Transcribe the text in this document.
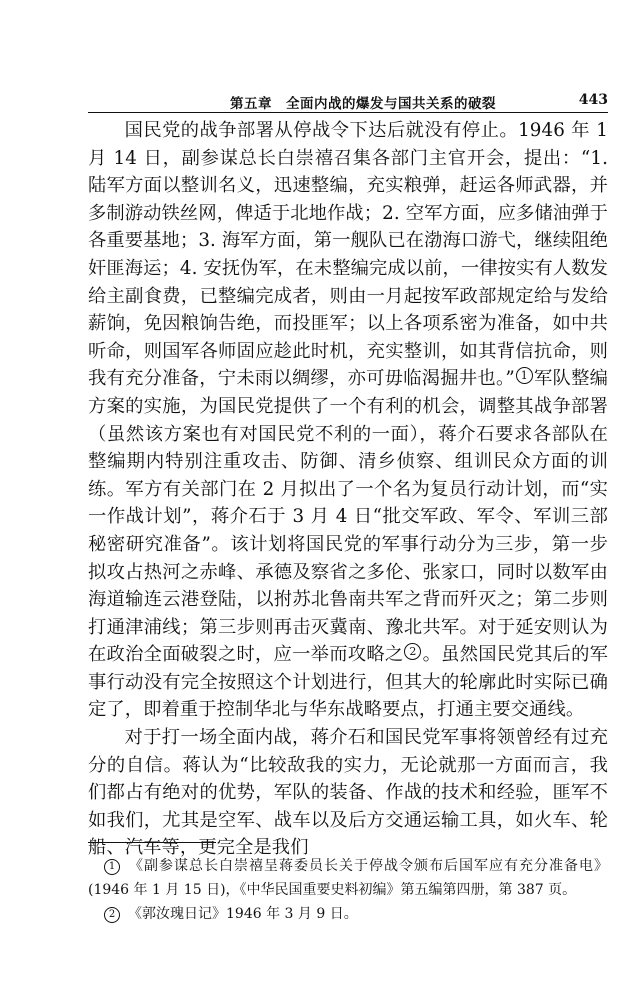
第五章　全面内战的爆发与国共关系的破裂	443

国民党的战争部署从停战令下达后就没有停止。1946 年 1 月 14 日，副参谋总长白崇禧召集各部门主官开会，提出：“1. 陆军方面以整训名义，迅速整编，充实粮弹，赶运各师武器，并多制游动铁丝网，俾适于北地作战；2. 空军方面，应多储油弹于各重要基地；3. 海军方面，第一舰队已在渤海口游弋，继续阻绝奸匪海运；4. 安抚伪军，在未整编完成以前，一律按实有人数发给主副食费，已整编完成者，则由一月起按军政部规定给与发给薪饷，免因粮饷告绝，而投匪军；以上各项系密为准备，如中共听命，则国军各师固应趁此时机，充实整训，如其背信抗命，则我有充分准备，宁未雨以绸缪，亦可毋临渴掘井也。” 1 军队整编方案的实施，为国民党提供了一个有利的机会，调整其战争部署（虽然该方案也有对国民党不利的一面），蒋介石要求各部队在整编期内特别注重攻击、防御、清乡侦察、组训民众方面的训练。军方有关部门在 2 月拟出了一个名为复员行动计划，而“实一作战计划”，蒋介石于 3 月 4 日“批交军政、军令、军训三部秘密研究准备”。该计划将国民党的军事行动分为三步，第一步拟攻占热河之赤峰、承德及察省之多伦、张家口，同时以数军由海道输连云港登陆，以拊苏北鲁南共军之背而歼灭之；第二步则打通津浦线；第三步则再击灭冀南、豫北共军。对于延安则认为在政治全面破裂之时，应一举而攻略之 2 。虽然国民党其后的军事行动没有完全按照这个计划进行，但其大的轮廓此时实际已确定了，即着重于控制华北与华东战略要点，打通主要交通线。

对于打一场全面内战，蒋介石和国民党军事将领曾经有过充分的自信。蒋认为“比较敌我的实力，无论就那一方面而言，我们都占有绝对的优势，军队的装备、作战的技术和经验，匪军不如我们，尤其是空军、战车以及后方交通运输工具，如火车、轮船、汽车等，更完全是我们

1 《副参谋总长白崇禧呈蒋委员长关于停战令颁布后国军应有充分准备电》(1946 年 1 月 15 日)，《中华民国重要史料初编》第五编第四册，第 387 页。

2 《郭汝瑰日记》1946 年 3 月 9 日。
